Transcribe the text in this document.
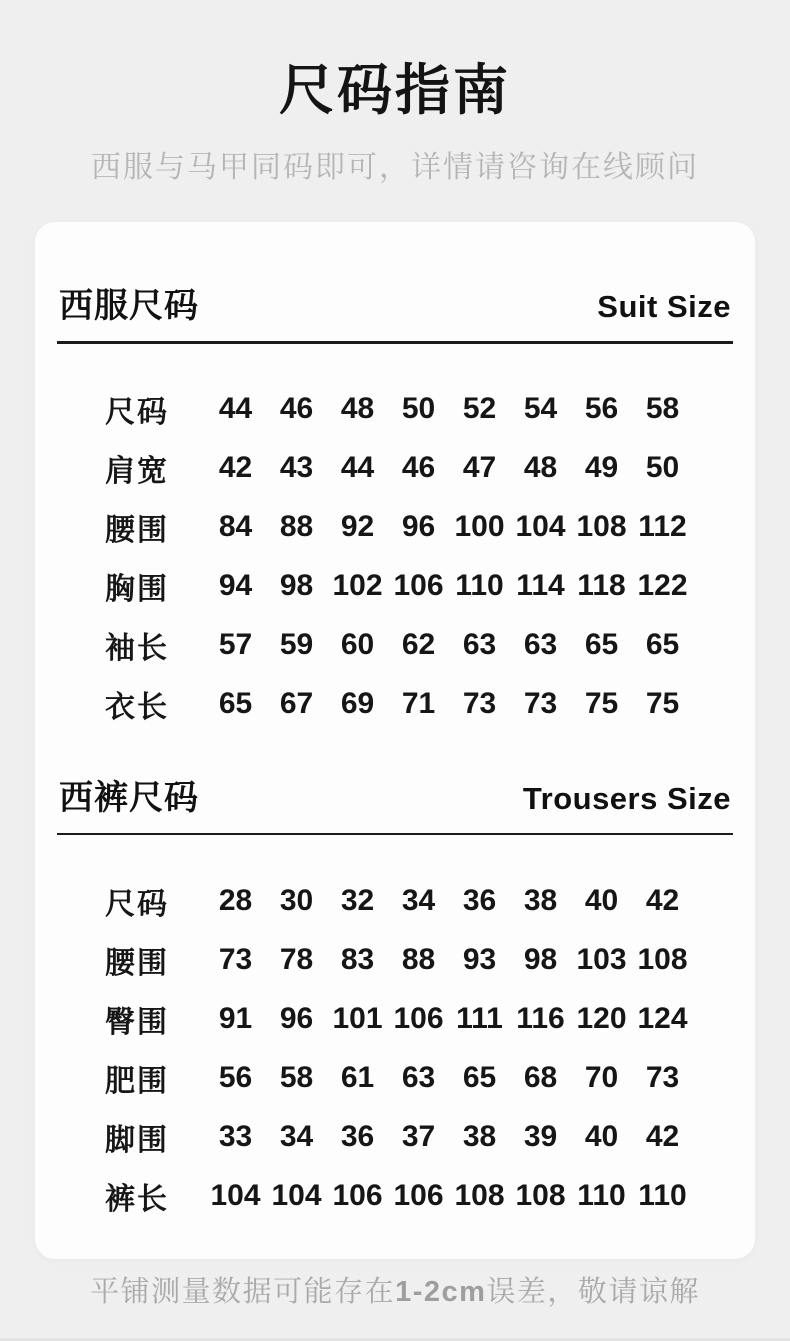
尺码指南
西服与马甲同码即可，详情请咨询在线顾问
西服尺码	Suit Size
尺码	44 46 48 50 52 54 56 58
肩宽	42 43 44 46 47 48 49 50
腰围	84 88 92 96 100 104 108 112
胸围	94 98 102 106 110 114 118 122
袖长	57 59 60 62 63 63 65 65
衣长	65 67 69 71 73 73 75 75
西裤尺码	Trousers Size
尺码	28 30 32 34 36 38 40 42
腰围	73 78 83 88 93 98 103 108
臀围	91 96 101 106 111 116 120 124
肥围	56 58 61 63 65 68 70 73
脚围	33 34 36 37 38 39 40 42
裤长	104 104 106 106 108 108 110 110
平铺测量数据可能存在1-2cm误差，敬请谅解
